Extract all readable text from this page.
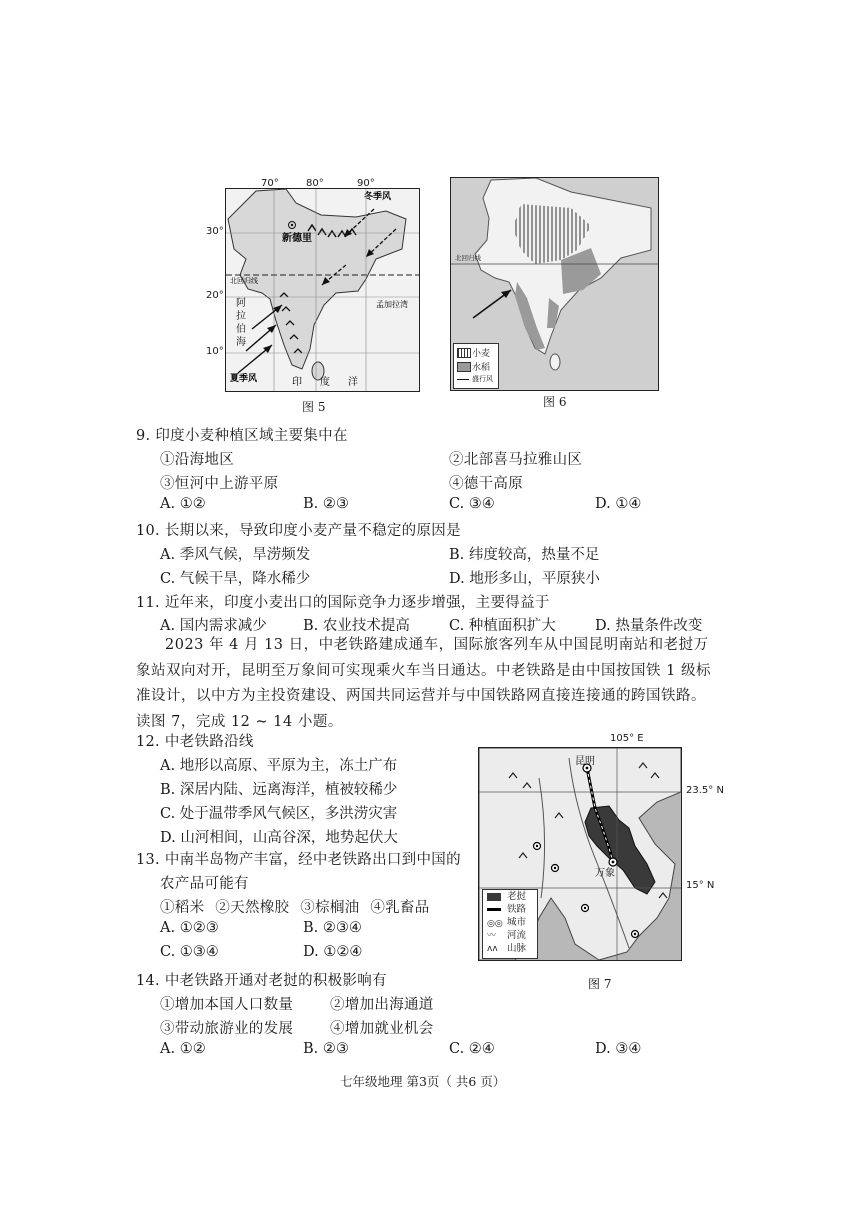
冬季风
新德里
夏季风
孟加拉湾
印度洋
北回归线
阿拉伯海
70°	80°	90°
30°
20°
10°
图 5
北回归线
小麦
水稻
盛行风
图 6
9. 印度小麦种植区域主要集中在
①沿海地区	②北部喜马拉雅山区
③恒河中上游平原	④德干高原
A. ①②	B. ②③	C. ③④	D. ①④
10. 长期以来，导致印度小麦产量不稳定的原因是
A. 季风气候，旱涝频发	B. 纬度较高，热量不足
C. 气候干旱，降水稀少	D. 地形多山，平原狭小
11. 近年来，印度小麦出口的国际竞争力逐步增强，主要得益于
A. 国内需求减少	B. 农业技术提高	C. 种植面积扩大	D. 热量条件改变
2023 年 4 月 13 日，中老铁路建成通车，国际旅客列车从中国昆明南站和老挝万象站双向对开，昆明至万象间可实现乘火车当日通达。中老铁路是由中国按国铁 1 级标准设计，以中方为主投资建设、两国共同运营并与中国铁路网直接连接通的跨国铁路。读图 7，完成 12 ~ 14 小题。
12. 中老铁路沿线
A. 地形以高原、平原为主，冻土广布
B. 深居内陆、远离海洋，植被较稀少
C. 处于温带季风气候区，多洪涝灾害
D. 山河相间，山高谷深，地势起伏大
13. 中南半岛物产丰富，经中老铁路出口到中国的
农产品可能有
①稻米 ②天然橡胶 ③棕榈油 ④乳畜品
A. ①②③	B. ②③④
C. ①③④	D. ①②④
105° E
昆明
万象
老挝
铁路
◎◎ 城市
〰 河流
ʌʌ 山脉
23.5° N
15° N
图 7
14. 中老铁路开通对老挝的积极影响有
①增加本国人口数量	②增加出海通道
③带动旅游业的发展	④增加就业机会
A. ①②	B. ②③	C. ②④	D. ③④
七年级地理 第3页（ 共6 页）
